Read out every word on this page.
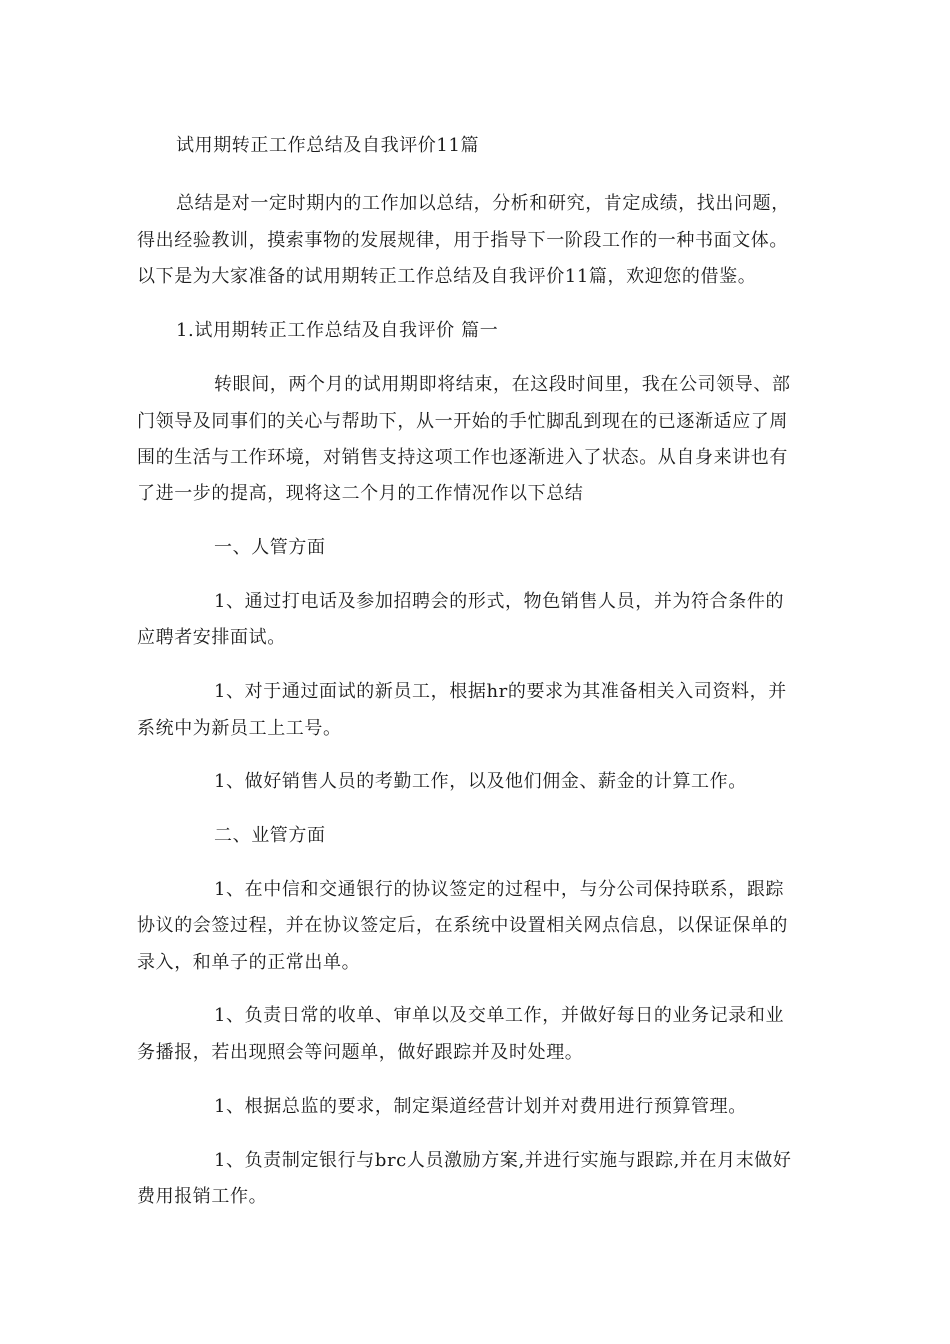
试用期转正工作总结及自我评价11篇
总结是对一定时期内的工作加以总结，分析和研究，肯定成绩，找出问题，
得出经验教训，摸索事物的发展规律，用于指导下一阶段工作的一种书面文体。
以下是为大家准备的试用期转正工作总结及自我评价11篇，欢迎您的借鉴。
1.试用期转正工作总结及自我评价 篇一
转眼间，两个月的试用期即将结束，在这段时间里，我在公司领导、部
门领导及同事们的关心与帮助下，从一开始的手忙脚乱到现在的已逐渐适应了周
围的生活与工作环境，对销售支持这项工作也逐渐进入了状态。从自身来讲也有
了进一步的提高，现将这二个月的工作情况作以下总结
一、人管方面
1、通过打电话及参加招聘会的形式，物色销售人员，并为符合条件的
应聘者安排面试。
1、对于通过面试的新员工，根据hr的要求为其准备相关入司资料，并
系统中为新员工上工号。
1、做好销售人员的考勤工作，以及他们佣金、薪金的计算工作。
二、业管方面
1、在中信和交通银行的协议签定的过程中，与分公司保持联系，跟踪
协议的会签过程，并在协议签定后，在系统中设置相关网点信息，以保证保单的
录入，和单子的正常出单。
1、负责日常的收单、审单以及交单工作，并做好每日的业务记录和业
务播报，若出现照会等问题单，做好跟踪并及时处理。
1、根据总监的要求，制定渠道经营计划并对费用进行预算管理。
1、负责制定银行与brc人员激励方案,并进行实施与跟踪,并在月末做好
费用报销工作。
